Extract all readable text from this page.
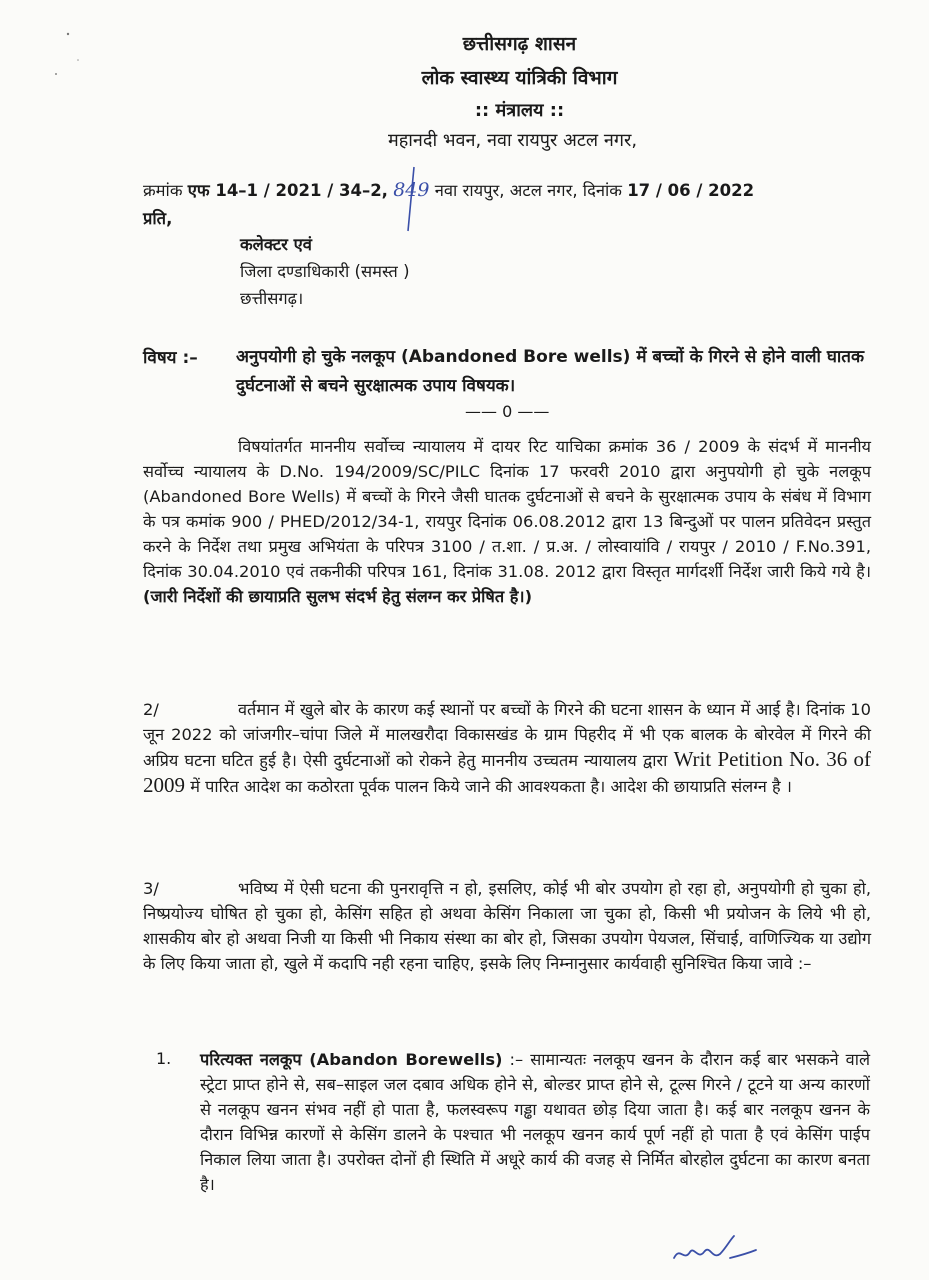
छत्तीसगढ़ शासन
लोक स्वास्थ्य यांत्रिकी विभाग
:: मंत्रालय ::
महानदी भवन, नवा रायपुर अटल नगर,
क्रमांक एफ 14–1 / 2021 / 34–2, 849 नवा रायपुर, अटल नगर, दिनांक 17 / 06 / 2022
प्रति,
कलेक्टर एवं
जिला दण्डाधिकारी (समस्त )
छत्तीसगढ़।
विषय :– अनुपयोगी हो चुके नलकूप (Abandoned Bore wells) में बच्चों के गिरने से होने वाली घातक दुर्घटनाओं से बचने सुरक्षात्मक उपाय विषयक।
—— 0 ——
विषयांतर्गत माननीय सर्वोच्च न्यायालय में दायर रिट याचिका क्रमांक 36 / 2009 के संदर्भ में माननीय सर्वोच्च न्यायालय के D.No. 194/2009/SC/PILC दिनांक 17 फरवरी 2010 द्वारा अनुपयोगी हो चुके नलकूप (Abandoned Bore Wells) में बच्चों के गिरने जैसी घातक दुर्घटनाओं से बचने के सुरक्षात्मक उपाय के संबंध में विभाग के पत्र कमांक 900 / PHED/2012/34-1, रायपुर दिनांक 06.08.2012 द्वारा 13 बिन्दुओं पर पालन प्रतिवेदन प्रस्तुत करने के निर्देश तथा प्रमुख अभियंता के परिपत्र 3100 / त.शा. / प्र.अ. / लोस्वायांवि / रायपुर / 2010 / F.No.391, दिनांक 30.04.2010 एवं तकनीकी परिपत्र 161, दिनांक 31.08. 2012 द्वारा विस्तृत मार्गदर्शी निर्देश जारी किये गये है। (जारी निर्देशों की छायाप्रति सुलभ संदर्भ हेतु संलग्न कर प्रेषित है।)
2/	वर्तमान में खुले बोर के कारण कई स्थानों पर बच्चों के गिरने की घटना शासन के ध्यान में आई है। दिनांक 10 जून 2022 को जांजगीर–चांपा जिले में मालखरौदा विकासखंड के ग्राम पिहरीद में भी एक बालक के बोरवेल में गिरने की अप्रिय घटना घटित हुई है। ऐसी दुर्घटनाओं को रोकने हेतु माननीय उच्चतम न्यायालय द्वारा Writ Petition No. 36 of 2009 में पारित आदेश का कठोरता पूर्वक पालन किये जाने की आवश्यकता है। आदेश की छायाप्रति संलग्न है ।
3/	भविष्य में ऐसी घटना की पुनरावृत्ति न हो, इसलिए, कोई भी बोर उपयोग हो रहा हो, अनुपयोगी हो चुका हो, निष्प्रयोज्य घोषित हो चुका हो, केसिंग सहित हो अथवा केसिंग निकाला जा चुका हो, किसी भी प्रयोजन के लिये भी हो, शासकीय बोर हो अथवा निजी या किसी भी निकाय संस्था का बोर हो, जिसका उपयोग पेयजल, सिंचाई, वाणिज्यिक या उद्योग के लिए किया जाता हो, खुले में कदापि नही रहना चाहिए, इसके लिए निम्नानुसार कार्यवाही सुनिश्चित किया जावे :–
1. परित्यक्त नलकूप (Abandon Borewells) :– सामान्यतः नलकूप खनन के दौरान कई बार भसकने वाले स्ट्रेटा प्राप्त होने से, सब–साइल जल दबाव अधिक होने से, बोल्डर प्राप्त होने से, टूल्स गिरने / टूटने या अन्य कारणों से नलकूप खनन संभव नहीं हो पाता है, फलस्वरूप गड्ढा यथावत छोड़ दिया जाता है। कई बार नलकूप खनन के दौरान विभिन्न कारणों से केसिंग डालने के पश्चात भी नलकूप खनन कार्य पूर्ण नहीं हो पाता है एवं केसिंग पाईप निकाल लिया जाता है। उपरोक्त दोनों ही स्थिति में अधूरे कार्य की वजह से निर्मित बोरहोल दुर्घटना का कारण बनता है।
